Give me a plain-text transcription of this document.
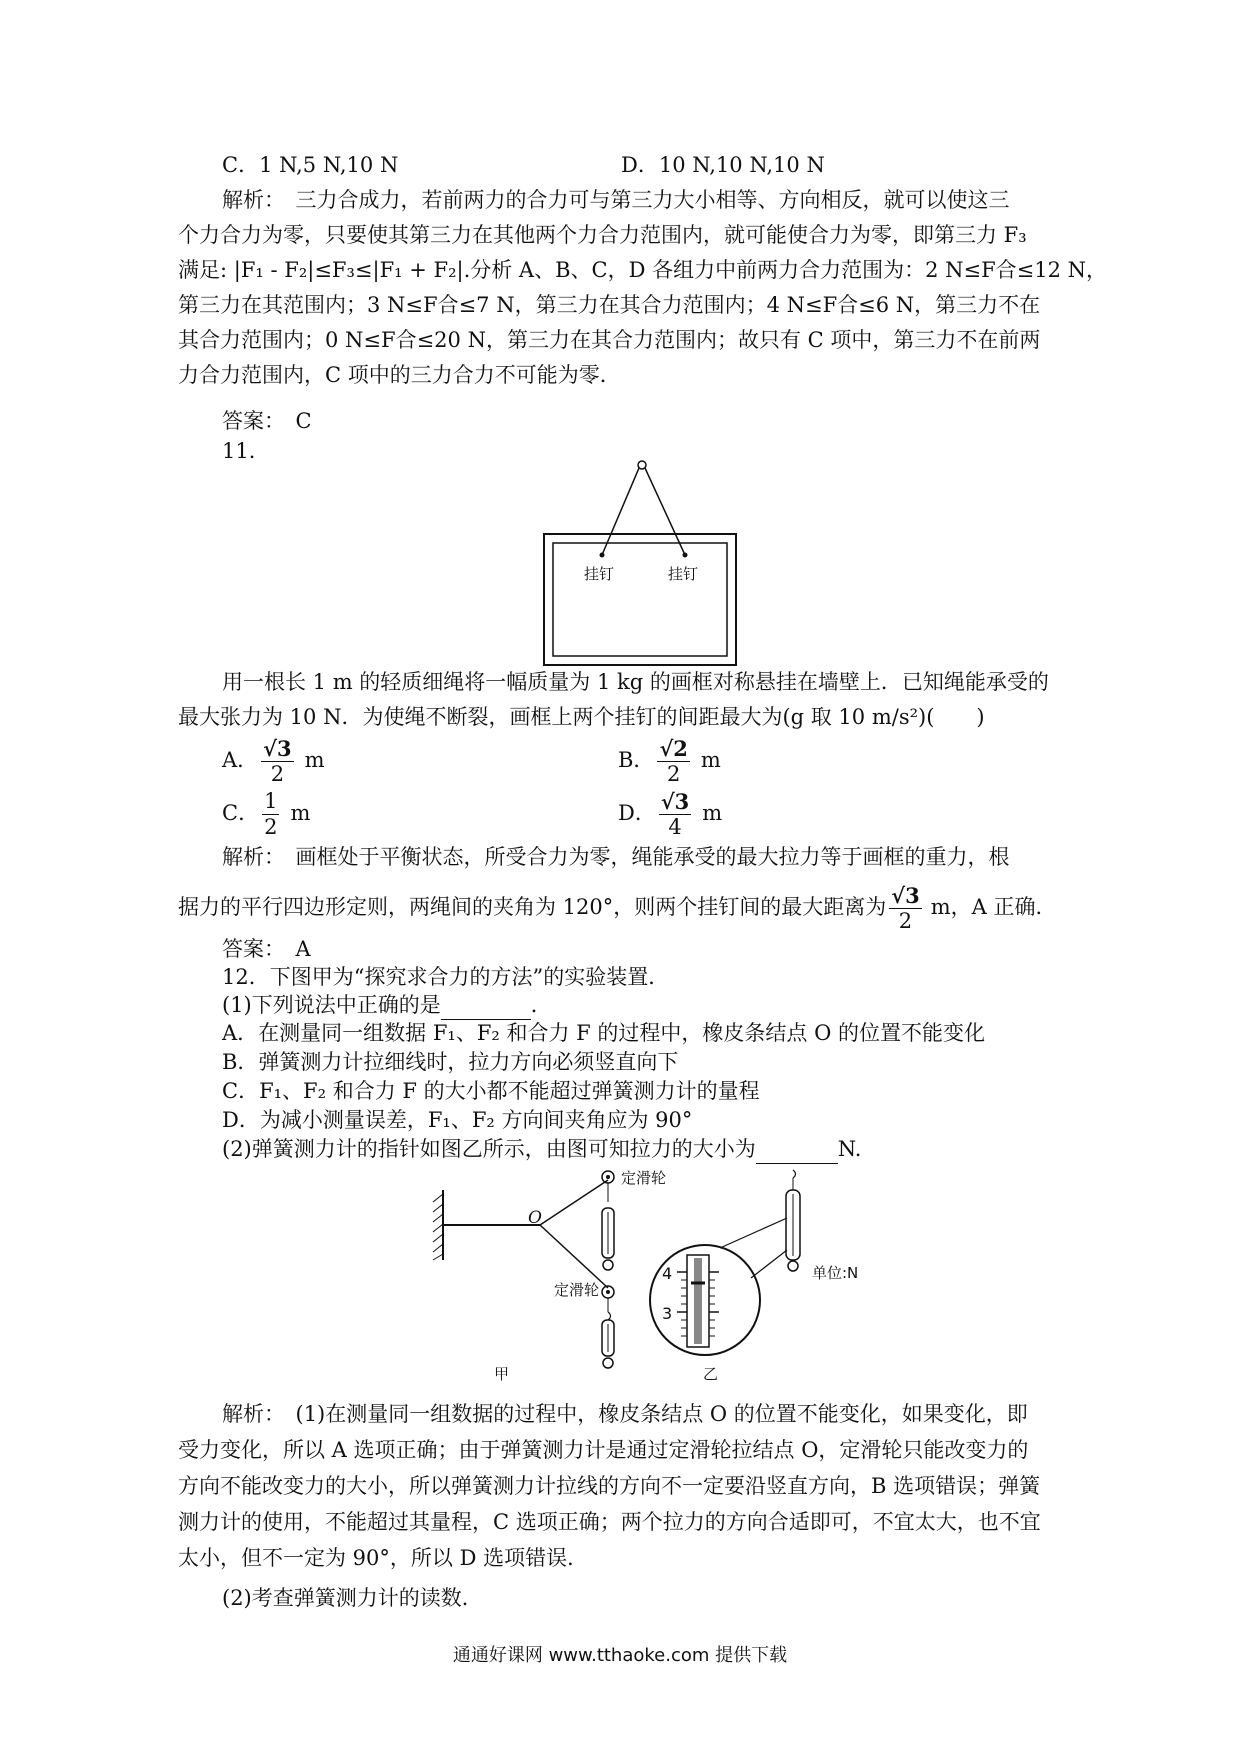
C．1 N,5 N,10 N	D．10 N,10 N,10 N
解析：　三力合成力，若前两力的合力可与第三力大小相等、方向相反，就可以使这三
个力合力为零，只要使其第三力在其他两个力合力范围内，就可能使合力为零，即第三力 F₃
满足: |F₁ - F₂|≤F₃≤|F₁ + F₂|.分析 A、B、C，D 各组力中前两力合力范围为：2 N≤F合≤12 N，
第三力在其范围内；3 N≤F合≤7 N，第三力在其合力范围内；4 N≤F合≤6 N，第三力不在
其合力范围内；0 N≤F合≤20 N，第三力在其合力范围内；故只有 C 项中，第三力不在前两
力合力范围内，C 项中的三力合力不可能为零．
答案：　C
11.
挂钉	挂钉
用一根长 1 m 的轻质细绳将一幅质量为 1 kg 的画框对称悬挂在墙壁上．已知绳能承受的
最大张力为 10 N．为使绳不断裂，画框上两个挂钉的间距最大为(g 取 10 m/s²)(　　)
A． $\frac{√3}{2}$ m	B． $\frac{√2}{2}$ m
C． $\frac{1}{2}$ m	D． $\frac{√3}{4}$ m
解析：　画框处于平衡状态，所受合力为零，绳能承受的最大拉力等于画框的重力，根
据力的平行四边形定则，两绳间的夹角为 120°，则两个挂钉间的最大距离为 $\frac{√3}{2}$ m，A 正确．
答案：　A
12．下图甲为“探究求合力的方法”的实验装置．
(1)下列说法中正确的是	．
A．在测量同一组数据 F₁、F₂ 和合力 F 的过程中，橡皮条结点 O 的位置不能变化
B．弹簧测力计拉细线时，拉力方向必须竖直向下
C．F₁、F₂ 和合力 F 的大小都不能超过弹簧测力计的量程
D．为减小测量误差，F₁、F₂ 方向间夹角应为 90°
(2)弹簧测力计的指针如图乙所示，由图可知拉力的大小为	N.
定滑轮
定滑轮
O
单位:N
4
3
甲	乙
解析：　(1)在测量同一组数据的过程中，橡皮条结点 O 的位置不能变化，如果变化，即
受力变化，所以 A 选项正确；由于弹簧测力计是通过定滑轮拉结点 O，定滑轮只能改变力的
方向不能改变力的大小，所以弹簧测力计拉线的方向不一定要沿竖直方向，B 选项错误；弹簧
测力计的使用，不能超过其量程，C 选项正确；两个拉力的方向合适即可，不宜太大，也不宜
太小，但不一定为 90°，所以 D 选项错误．
(2)考查弹簧测力计的读数．
通通好课网 www.tthaoke.com 提供下载
